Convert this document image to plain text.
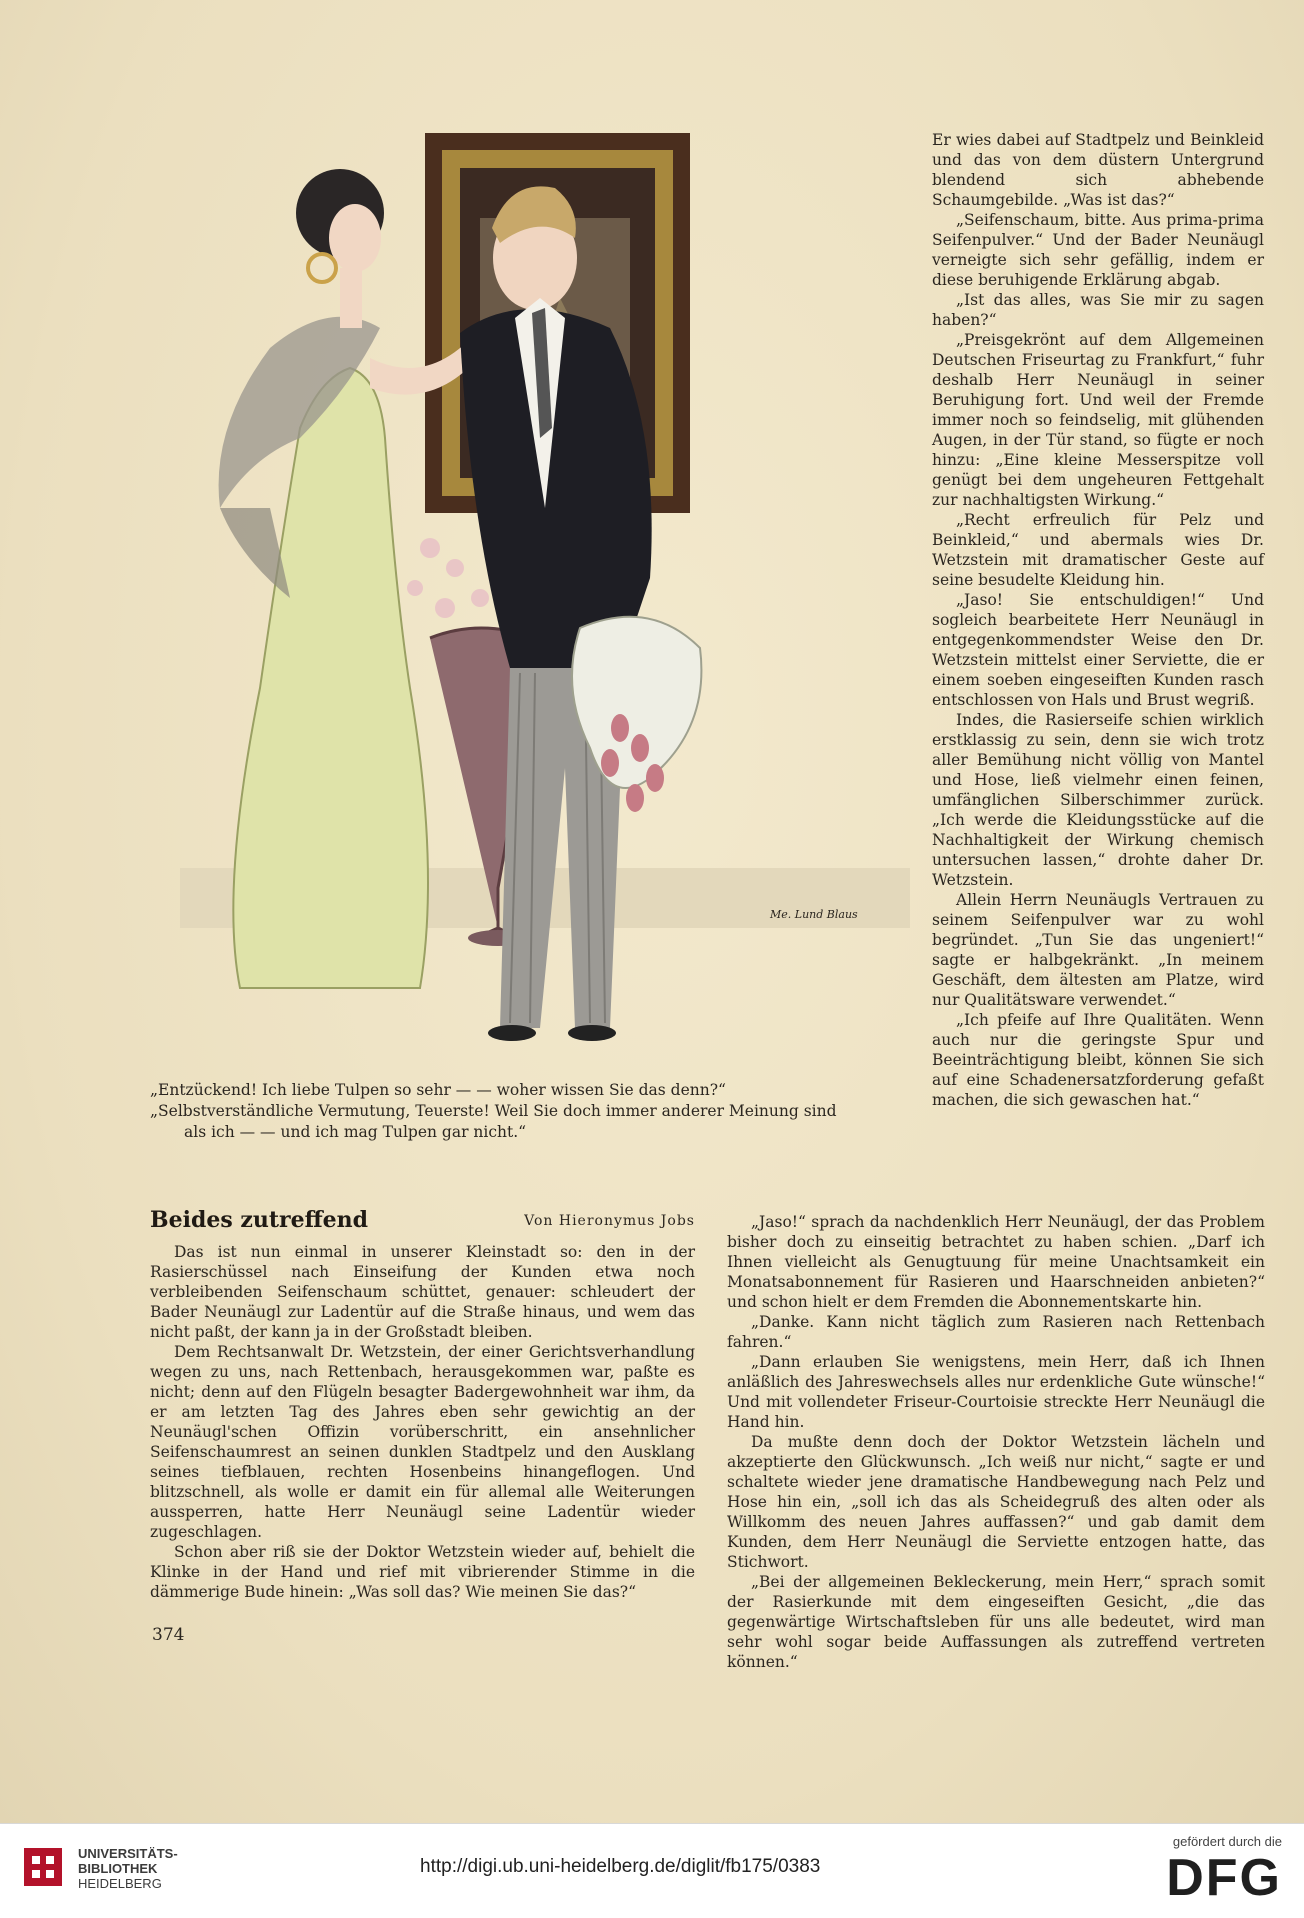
Me. Lund Blaus

Er wies dabei auf Stadtpelz und Beinkleid und das von dem düstern Untergrund blendend sich abhebende Schaumgebilde. „Was ist das?“

„Seifenschaum, bitte. Aus prima-prima Seifenpulver.“ Und der Bader Neunäugl verneigte sich sehr gefällig, indem er diese beruhigende Erklärung abgab.

„Ist das alles, was Sie mir zu sagen haben?“

„Preisgekrönt auf dem Allgemeinen Deutschen Friseurtag zu Frankfurt,“ fuhr deshalb Herr Neunäugl in seiner Beruhigung fort. Und weil der Fremde immer noch so feindselig, mit glühenden Augen, in der Tür stand, so fügte er noch hinzu: „Eine kleine Messerspitze voll genügt bei dem ungeheuren Fettgehalt zur nachhaltigsten Wirkung.“

„Recht erfreulich für Pelz und Beinkleid,“ und abermals wies Dr. Wetzstein mit dramatischer Geste auf seine besudelte Kleidung hin.

„Jaso! Sie entschuldigen!“ Und sogleich bearbeitete Herr Neunäugl in entgegenkommendster Weise den Dr. Wetzstein mittelst einer Serviette, die er einem soeben eingeseiften Kunden rasch entschlossen von Hals und Brust wegriß.

Indes, die Rasierseife schien wirklich erstklassig zu sein, denn sie wich trotz aller Bemühung nicht völlig von Mantel und Hose, ließ vielmehr einen feinen, umfänglichen Silberschimmer zurück. „Ich werde die Kleidungsstücke auf die Nachhaltigkeit der Wirkung chemisch untersuchen lassen,“ drohte daher Dr. Wetzstein.

Allein Herrn Neunäugls Vertrauen zu seinem Seifenpulver war zu wohl begründet. „Tun Sie das ungeniert!“ sagte er halbgekränkt. „In meinem Geschäft, dem ältesten am Platze, wird nur Qualitätsware verwendet.“

„Ich pfeife auf Ihre Qualitäten. Wenn auch nur die geringste Spur und Beeinträchtigung bleibt, können Sie sich auf eine Schadenersatzforderung gefaßt machen, die sich gewaschen hat.“

„Entzückend! Ich liebe Tulpen so sehr — — woher wissen Sie das denn?“

„Selbstverständliche Vermutung, Teuerste! Weil Sie doch immer anderer Meinung sind

als ich — — und ich mag Tulpen gar nicht.“

Beides zutreffend	Von Hieronymus Jobs

Das ist nun einmal in unserer Kleinstadt so: den in der Rasierschüssel nach Einseifung der Kunden etwa noch verbleibenden Seifenschaum schüttet, genauer: schleudert der Bader Neunäugl zur Ladentür auf die Straße hinaus, und wem das nicht paßt, der kann ja in der Großstadt bleiben.

Dem Rechtsanwalt Dr. Wetzstein, der einer Gerichtsverhandlung wegen zu uns, nach Rettenbach, herausgekommen war, paßte es nicht; denn auf den Flügeln besagter Badergewohnheit war ihm, da er am letzten Tag des Jahres eben sehr gewichtig an der Neunäugl'schen Offizin vorüberschritt, ein ansehnlicher Seifenschaumrest an seinen dunklen Stadtpelz und den Ausklang seines tiefblauen, rechten Hosenbeins hinangeflogen. Und blitzschnell, als wolle er damit ein für allemal alle Weiterungen aussperren, hatte Herr Neunäugl seine Ladentür wieder zugeschlagen.

Schon aber riß sie der Doktor Wetzstein wieder auf, behielt die Klinke in der Hand und rief mit vibrierender Stimme in die dämmerige Bude hinein: „Was soll das? Wie meinen Sie das?“

„Jaso!“ sprach da nachdenklich Herr Neunäugl, der das Problem bisher doch zu einseitig betrachtet zu haben schien. „Darf ich Ihnen vielleicht als Genugtuung für meine Unachtsamkeit ein Monatsabonnement für Rasieren und Haarschneiden anbieten?“ und schon hielt er dem Fremden die Abonnementskarte hin.

„Danke. Kann nicht täglich zum Rasieren nach Rettenbach fahren.“

„Dann erlauben Sie wenigstens, mein Herr, daß ich Ihnen anläßlich des Jahreswechsels alles nur erdenkliche Gute wünsche!“ Und mit vollendeter Friseur-Courtoisie streckte Herr Neunäugl die Hand hin.

Da mußte denn doch der Doktor Wetzstein lächeln und akzeptierte den Glückwunsch. „Ich weiß nur nicht,“ sagte er und schaltete wieder jene dramatische Handbewegung nach Pelz und Hose hin ein, „soll ich das als Scheidegruß des alten oder als Willkomm des neuen Jahres auffassen?“ und gab damit dem Kunden, dem Herr Neunäugl die Serviette entzogen hatte, das Stichwort.

„Bei der allgemeinen Bekleckerung, mein Herr,“ sprach somit der Rasierkunde mit dem eingeseiften Gesicht, „die das gegenwärtige Wirtschaftsleben für uns alle bedeutet, wird man sehr wohl sogar beide Auffassungen als zutreffend vertreten können.“

374
UNIVERSITÄTS-
BIBLIOTHEK
HEIDELBERG
http://digi.ub.uni-heidelberg.de/diglit/fb175/0383
gefördert durch die
DFG
